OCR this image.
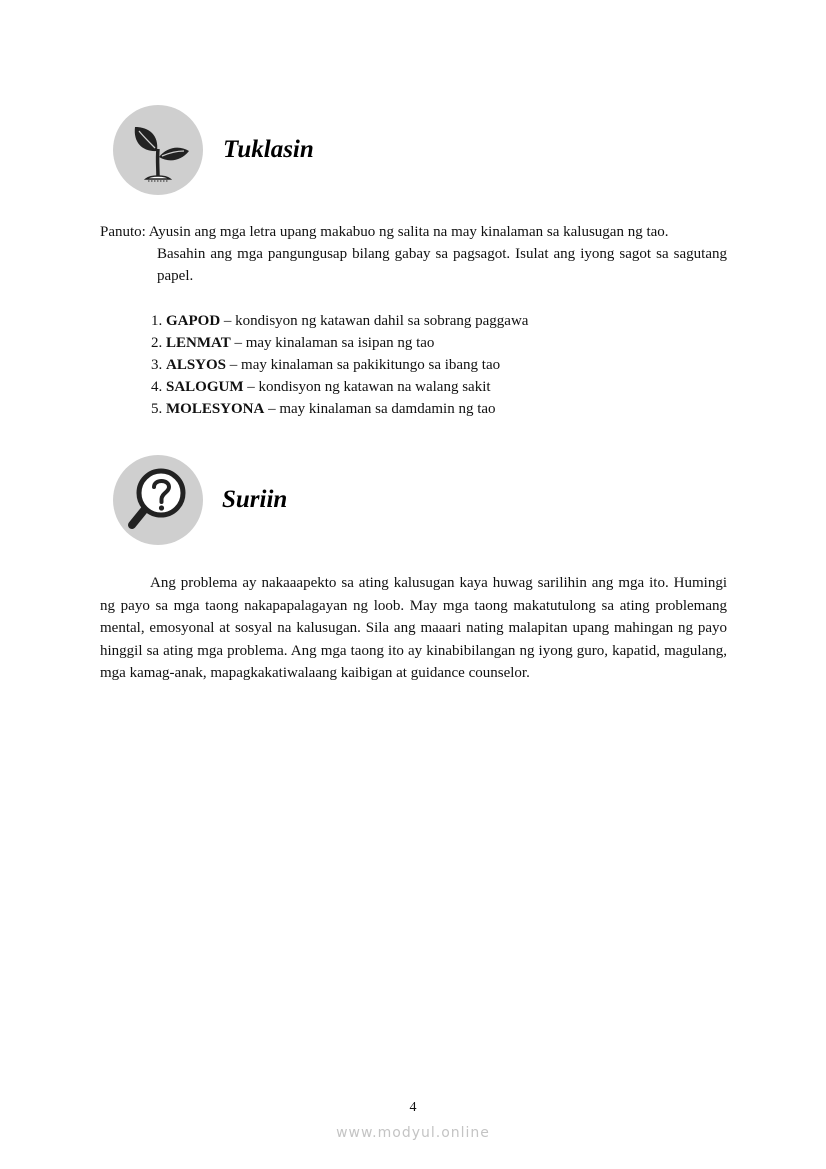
Tuklasin
Panuto: Ayusin ang mga letra upang makabuo ng salita na may kinalaman sa kalusugan ng tao.
Basahin ang mga pangungusap bilang gabay sa pagsagot. Isulat ang iyong sagot sa sagutang papel.
1. GAPOD – kondisyon ng katawan dahil sa sobrang paggawa
2. LENMAT – may kinalaman sa isipan ng tao
3. ALSYOS – may kinalaman sa pakikitungo sa ibang tao
4. SALOGUM – kondisyon ng katawan na walang sakit
5. MOLESYONA – may kinalaman sa damdamin ng tao
Suriin

Ang problema ay nakaaapekto sa ating kalusugan kaya huwag sarilihin ang mga ito. Humingi ng payo sa mga taong nakapapalagayan ng loob. May mga taong makatutulong sa ating problemang mental, emosyonal at sosyal na kalusugan. Sila ang maaari nating malapitan upang mahingan ng payo hinggil sa ating mga problema. Ang mga taong ito ay kinabibilangan ng iyong guro, kapatid, magulang, mga kamag-anak, mapagkakatiwalaang kaibigan at guidance counselor.

4
www.modyul.online
